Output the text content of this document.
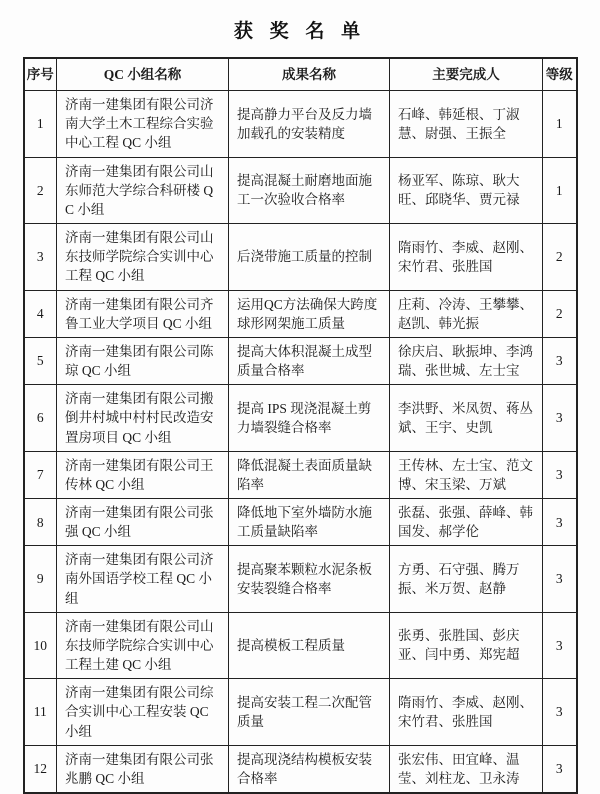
获 奖 名 单
序号	QC 小组名称	成果名称	主要完成人	等级
1	济南一建集团有限公司济南大学土木工程综合实验中心工程 QC 小组	提高静力平台及反力墙加载孔的安装精度	石峰、韩延根、丁淑慧、尉强、王振全	1
2	济南一建集团有限公司山东师范大学综合科研楼 QC 小组	提高混凝土耐磨地面施工一次验收合格率	杨亚军、陈琼、耿大旺、邱晓华、贾元禄	1
3	济南一建集团有限公司山东技师学院综合实训中心工程 QC 小组	后浇带施工质量的控制	隋雨竹、李威、赵刚、宋竹君、张胜国	2
4	济南一建集团有限公司齐鲁工业大学项目 QC 小组	运用QC方法确保大跨度球形网架施工质量	庄莉、冷涛、王攀攀、赵凯、韩光振	2
5	济南一建集团有限公司陈琼 QC 小组	提高大体积混凝土成型质量合格率	徐庆启、耿振坤、李鸿瑞、张世城、左士宝	3
6	济南一建集团有限公司搬倒井村城中村村民改造安置房项目 QC 小组	提高 IPS 现浇混凝土剪力墙裂缝合格率	李洪野、米凤贺、蒋丛斌、王宇、史凯	3
7	济南一建集团有限公司王传林 QC 小组	降低混凝土表面质量缺陷率	王传林、左士宝、范文博、宋玉梁、万斌	3
8	济南一建集团有限公司张强 QC 小组	降低地下室外墙防水施工质量缺陷率	张磊、张强、薛峰、韩国发、郝学伦	3
9	济南一建集团有限公司济南外国语学校工程 QC 小组	提高聚苯颗粒水泥条板安装裂缝合格率	方勇、石守强、腾万振、米万贺、赵静	3
10	济南一建集团有限公司山东技师学院综合实训中心工程土建 QC 小组	提高模板工程质量	张勇、张胜国、彭庆亚、闫中勇、郑宪超	3
11	济南一建集团有限公司综合实训中心工程安装 QC 小组	提高安装工程二次配管质量	隋雨竹、李威、赵刚、宋竹君、张胜国	3
12	济南一建集团有限公司张兆鹏 QC 小组	提高现浇结构模板安装合格率	张宏伟、田宜峰、温莹、刘柱龙、卫永涛	3
